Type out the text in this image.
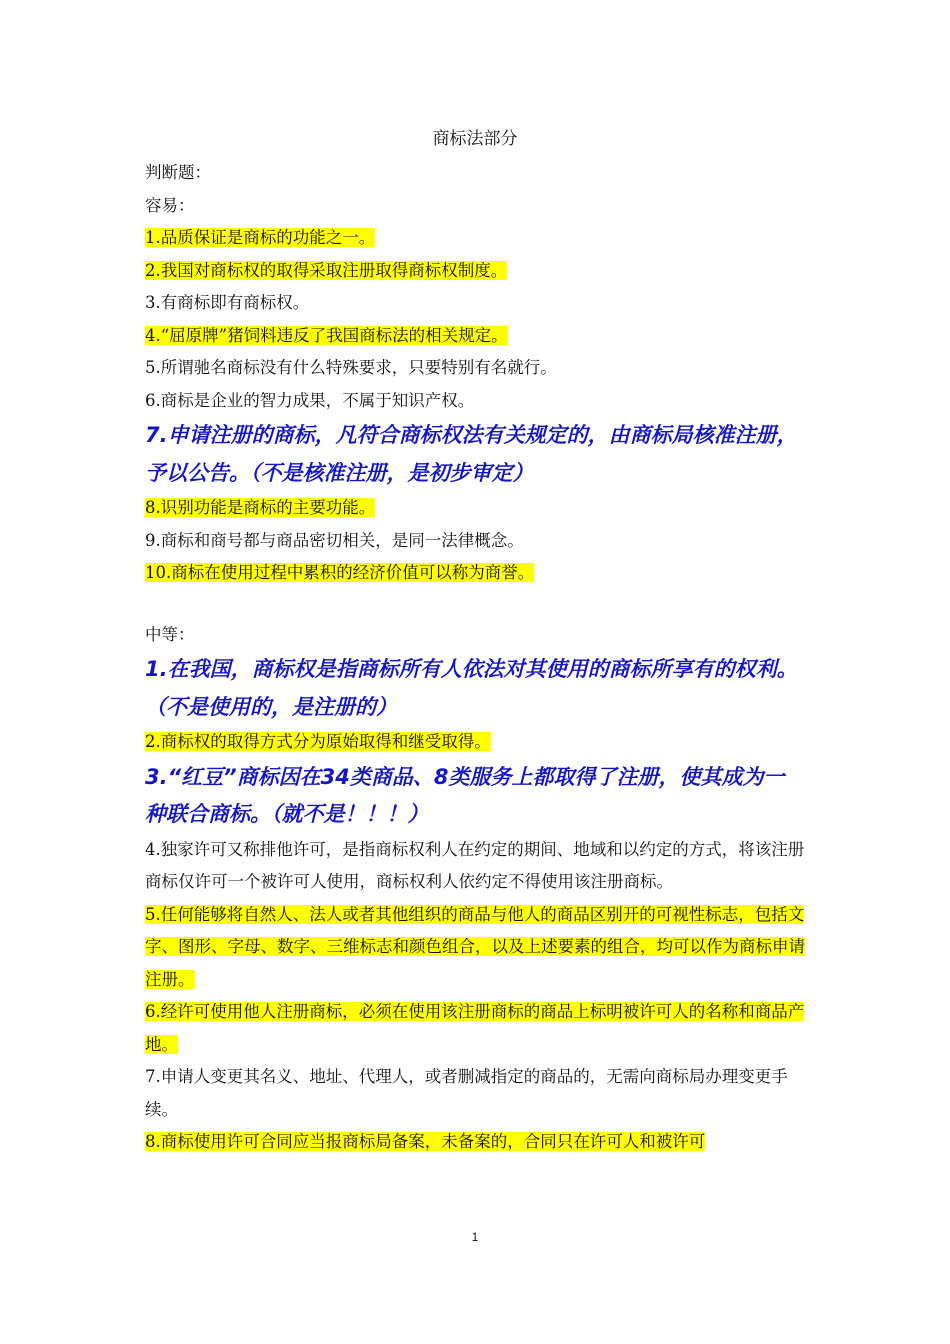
商标法部分

判断题：

容易：

1.品质保证是商标的功能之一。

2.我国对商标权的取得采取注册取得商标权制度。

3.有商标即有商标权。

4.“屈原牌”猪饲料违反了我国商标法的相关规定。

5.所谓驰名商标没有什么特殊要求，只要特别有名就行。

6.商标是企业的智力成果，不属于知识产权。

7.申请注册的商标，凡符合商标权法有关规定的，由商标局核准注册，予以公告。（不是核准注册，是初步审定）

8.识别功能是商标的主要功能。

9.商标和商号都与商品密切相关，是同一法律概念。

10.商标在使用过程中累积的经济价值可以称为商誉。

中等：

1.在我国，商标权是指商标所有人依法对其使用的商标所享有的权利。（不是使用的，是注册的）

2.商标权的取得方式分为原始取得和继受取得。

3.“红豆”商标因在34类商品、8类服务上都取得了注册，使其成为一种联合商标。（就不是！！！）

4.独家许可又称排他许可，是指商标权利人在约定的期间、地域和以约定的方式，将该注册商标仅许可一个被许可人使用，商标权利人依约定不得使用该注册商标。

5.任何能够将自然人、法人或者其他组织的商品与他人的商品区别开的可视性标志，包括文字、图形、字母、数字、三维标志和颜色组合，以及上述要素的组合，均可以作为商标申请注册。

6.经许可使用他人注册商标，必须在使用该注册商标的商品上标明被许可人的名称和商品产地。

7.申请人变更其名义、地址、代理人，或者删减指定的商品的，无需向商标局办理变更手续。

8.商标使用许可合同应当报商标局备案，未备案的，合同只在许可人和被许可

1
